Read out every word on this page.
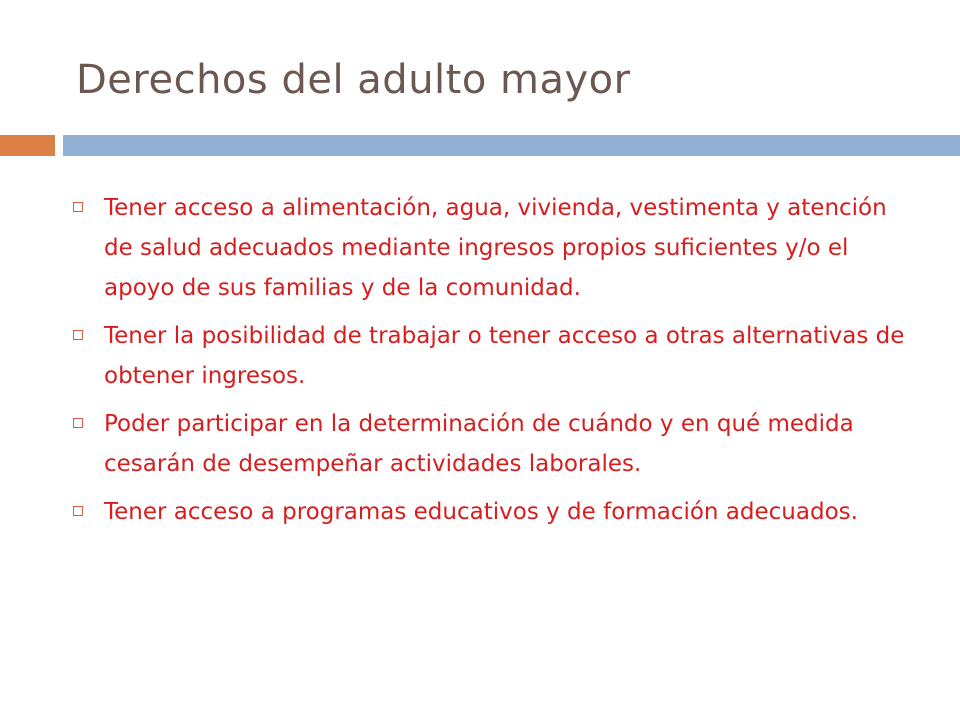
Derechos del adulto mayor
Tener acceso a alimentación, agua, vivienda, vestimenta y atención de salud adecuados mediante ingresos propios suficientes y/o el apoyo de sus familias y de la comunidad.
Tener la posibilidad de trabajar o tener acceso a otras alternativas de obtener ingresos.
Poder participar en la determinación de cuándo y en qué medida cesarán de desempeñar actividades laborales.
Tener acceso a programas educativos y de formación adecuados.
